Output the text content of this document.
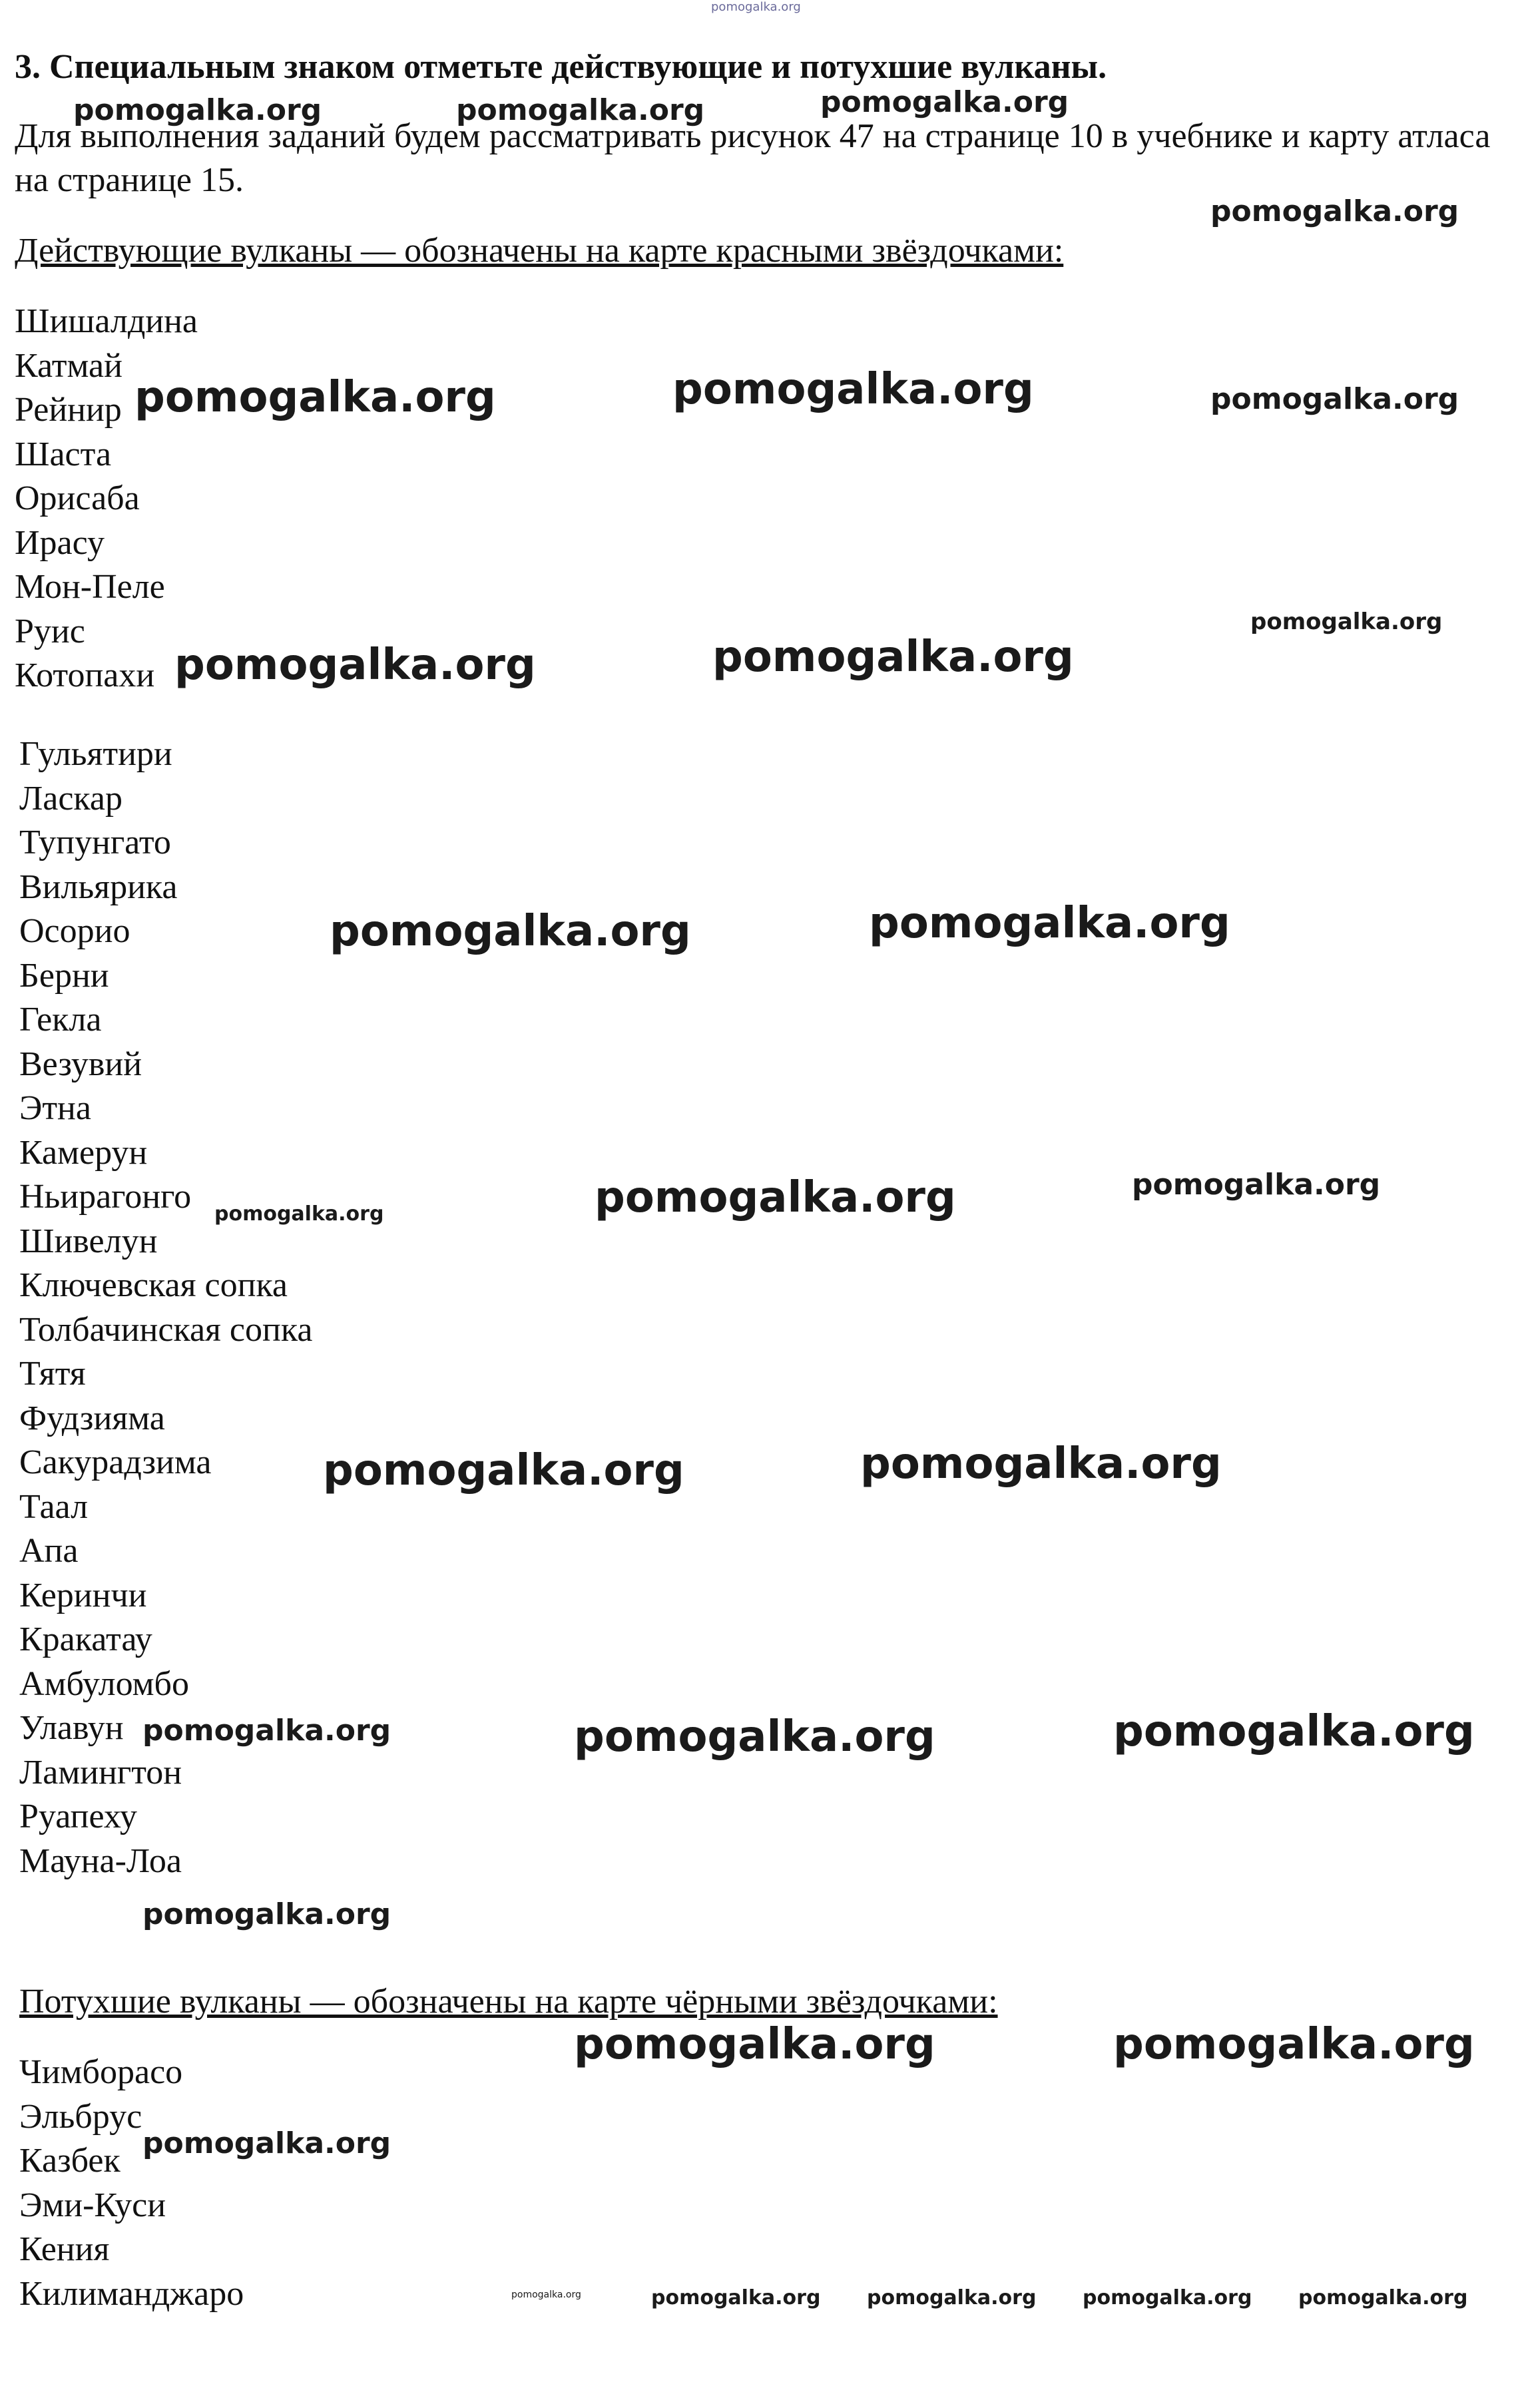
3. Специальным знаком отметьте действующие и потухшие вулканы.

Для выполнения заданий будем рассматривать рисунок 47 на странице 10 в учебнике и карту атласа на странице 15.

Действующие вулканы — обозначены на карте красными звёздочками:
Шишалдина
Катмай
Рейнир
Шаста
Орисаба
Ирасу
Мон-Пеле
Руис
Котопахи
Гульятири
Ласкар
Тупунгато
Вильярика
Осорио
Берни
Гекла
Везувий
Этна
Камерун
Ньирагонго
Шивелун
Ключевская сопка
Толбачинская сопка
Тятя
Фудзияма
Сакурадзима
Таал
Апа
Керинчи
Кракатау
Амбуломбо
Улавун
Ламингтон
Руапеху
Мауна-Лоа
Потухшие вулканы — обозначены на карте чёрными звёздочками:
Чимборасо
Эльбрус
Казбек
Эми-Куси
Кения
Килиманджаро
pomogalka.org
pomogalka.org	pomogalka.org	pomogalka.org
pomogalka.org
pomogalka.org	pomogalka.org	pomogalka.org
pomogalka.org
pomogalka.org	pomogalka.org
pomogalka.org	pomogalka.org
pomogalka.org	pomogalka.org	pomogalka.org
pomogalka.org	pomogalka.org
pomogalka.org	pomogalka.org	pomogalka.org
pomogalka.org
pomogalka.org	pomogalka.org
pomogalka.org
pomogalka.org	pomogalka.org pomogalka.org pomogalka.org pomogalka.org
